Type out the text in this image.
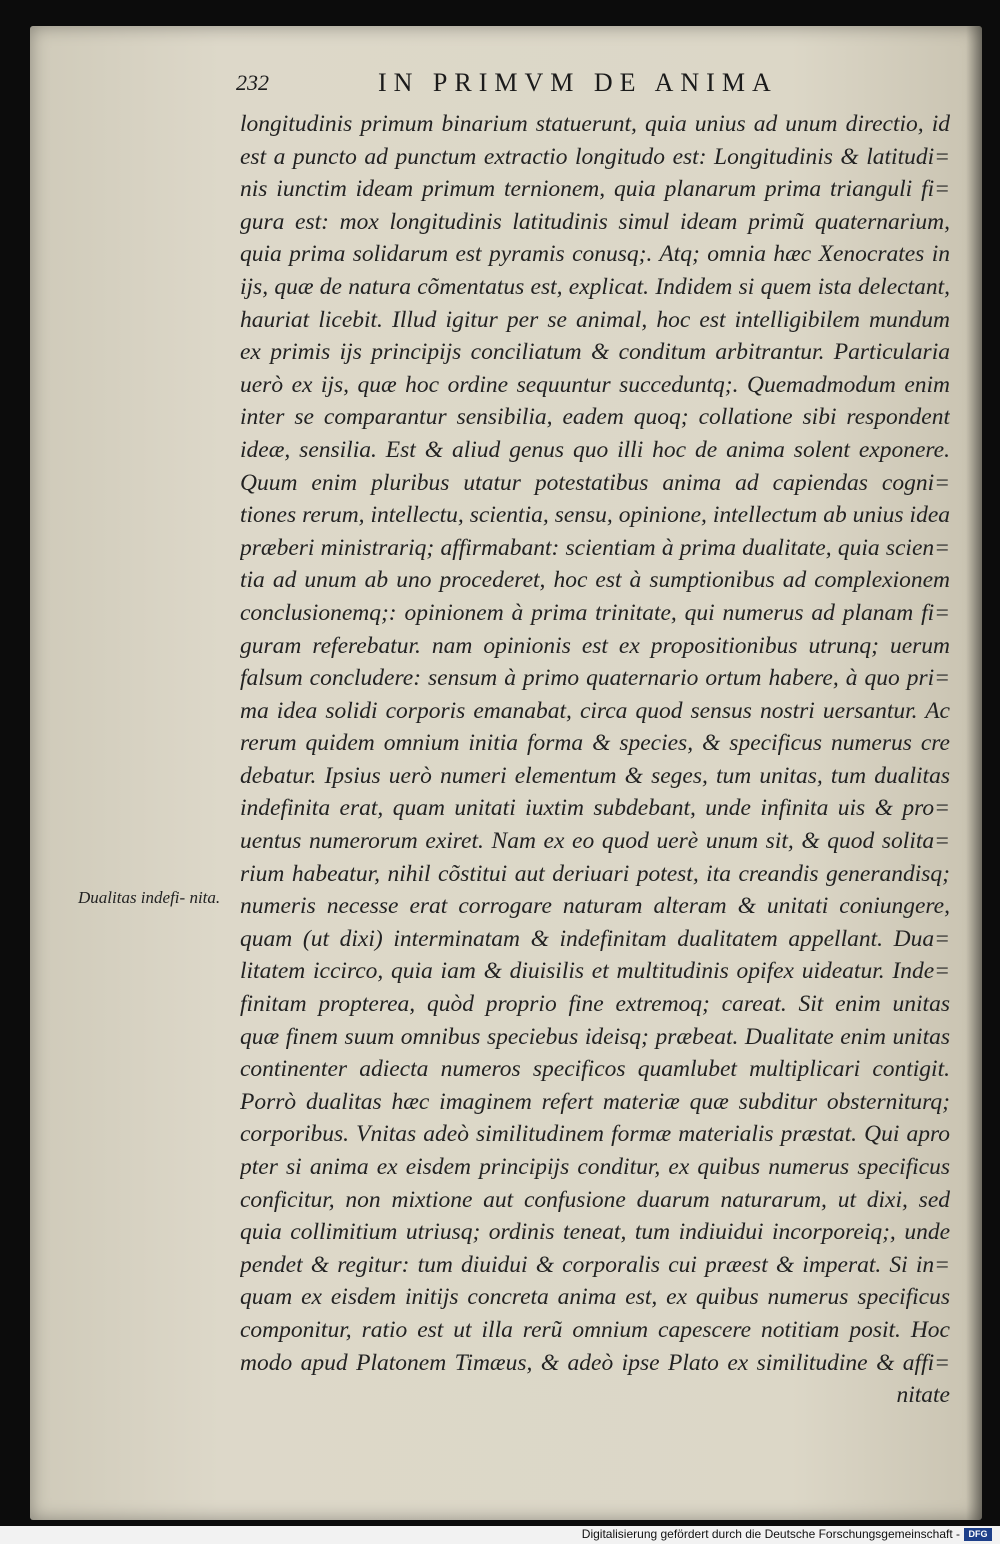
232	IN PRIMVM DE ANIMA
longitudinis primum binarium statuerunt, quia unius ad unum directio, id
est a puncto ad punctum extractio longitudo est: Longitudinis & latitudi=
nis iunctim ideam primum ternionem, quia planarum prima trianguli fi=
gura est: mox longitudinis latitudinis simul ideam primũ quaternarium,
quia prima solidarum est pyramis conusq;. Atq; omnia hæc Xenocrates in
ijs, quæ de natura cõmentatus est, explicat. Indidem si quem ista delectant,
hauriat licebit. Illud igitur per se animal, hoc est intelligibilem mundum
ex primis ijs principijs conciliatum & conditum arbitrantur. Particularia
uerò ex ijs, quæ hoc ordine sequuntur succeduntq;. Quemadmodum enim
inter se comparantur sensibilia, eadem quoq; collatione sibi respondent
ideæ, sensilia. Est & aliud genus quo illi hoc de anima solent exponere.
Quum enim pluribus utatur potestatibus anima ad capiendas cogni=
tiones rerum, intellectu, scientia, sensu, opinione, intellectum ab unius idea
præberi ministrariq; affirmabant: scientiam à prima dualitate, quia scien=
tia ad unum ab uno procederet, hoc est à sumptionibus ad complexionem
conclusionemq;: opinionem à prima trinitate, qui numerus ad planam fi=
guram referebatur. nam opinionis est ex propositionibus utrunq; uerum
falsum concludere: sensum à primo quaternario ortum habere, à quo pri=
ma idea solidi corporis emanabat, circa quod sensus nostri uersantur. Ac
rerum quidem omnium initia forma & species, & specificus numerus cre
debatur. Ipsius uerò numeri elementum & seges, tum unitas, tum dualitas
indefinita erat, quam unitati iuxtim subdebant, unde infinita uis & pro=
uentus numerorum exiret. Nam ex eo quod uerè unum sit, & quod solita=
rium habeatur, nihil cõstitui aut deriuari potest, ita creandis generandisq;
numeris necesse erat corrogare naturam alteram & unitati coniungere,
quam (ut dixi) interminatam & indefinitam dualitatem appellant. Dua=
litatem iccirco, quia iam & diuisilis et multitudinis opifex uideatur. Inde=
finitam propterea, quòd proprio fine extremoq; careat. Sit enim unitas
quæ finem suum omnibus speciebus ideisq; præbeat. Dualitate enim unitas
continenter adiecta numeros specificos quamlubet multiplicari contigit.
Porrò dualitas hæc imaginem refert materiæ quæ subditur obsterniturq;
corporibus. Vnitas adeò similitudinem formæ materialis præstat. Qui apro
pter si anima ex eisdem principijs conditur, ex quibus numerus specificus
conficitur, non mixtione aut confusione duarum naturarum, ut dixi, sed
quia collimitium utriusq; ordinis teneat, tum indiuidui incorporeiq;, unde
pendet & regitur: tum diuidui & corporalis cui præest & imperat. Si in=
quam ex eisdem initijs concreta anima est, ex quibus numerus specificus
componitur, ratio est ut illa rerũ omnium capescere notitiam posit. Hoc
modo apud Platonem Timæus, & adeò ipse Plato ex similitudine & affi=
nitate
Dualitas indefi- nita.
Digitalisierung gefördert durch die Deutsche Forschungsgemeinschaft - DFG
